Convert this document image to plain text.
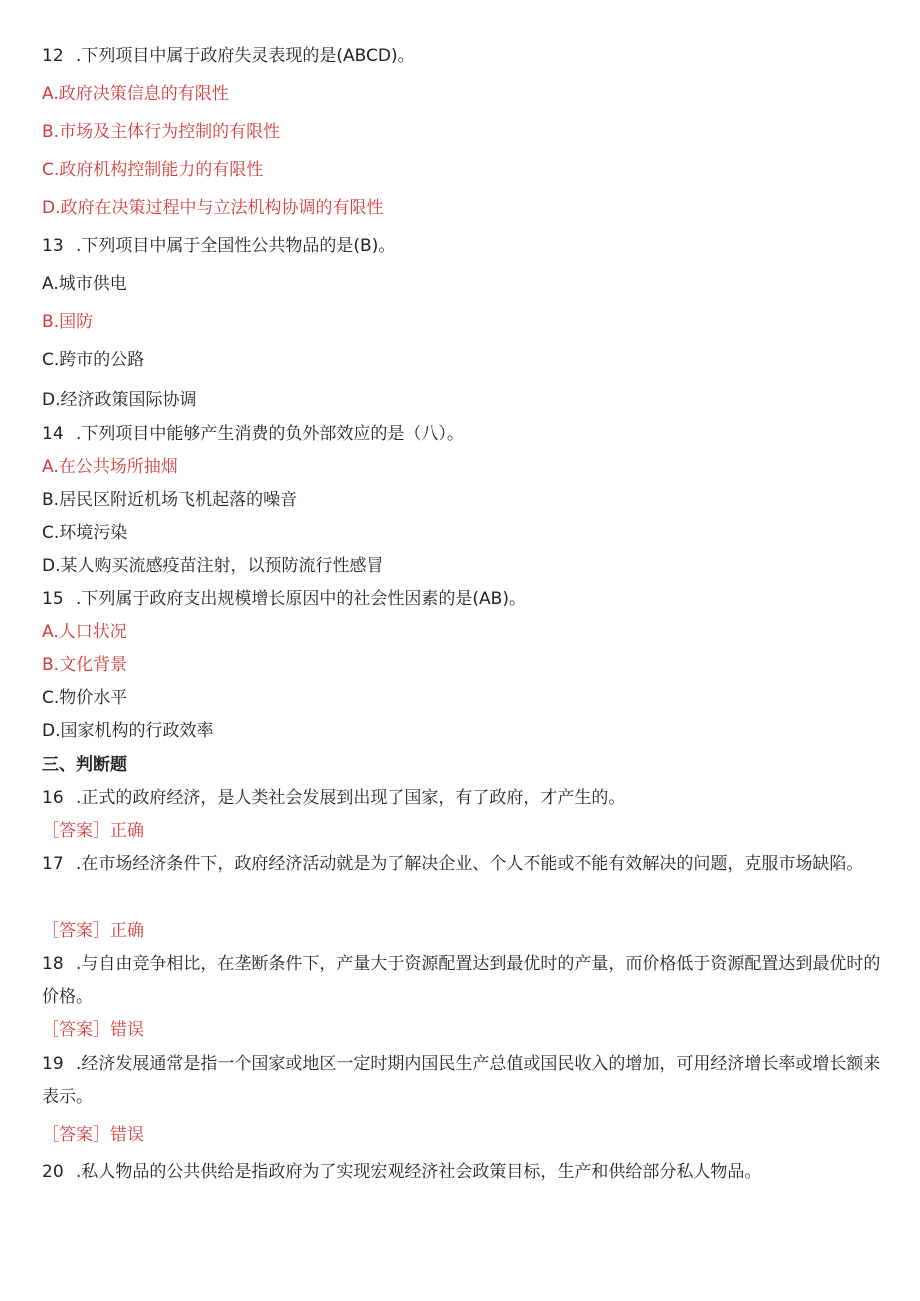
12 .下列项目中属于政府失灵表现的是(ABCD)。
A.政府决策信息的有限性
B.市场及主体行为控制的有限性
C.政府机构控制能力的有限性
D.政府在决策过程中与立法机构协调的有限性
13 .下列项目中属于全国性公共物品的是(B)。
A.城市供电
B.国防
C.跨市的公路
D.经济政策国际协调
14 .下列项目中能够产生消费的负外部效应的是（八）。
A.在公共场所抽烟
B.居民区附近机场飞机起落的噪音
C.环境污染
D.某人购买流感疫苗注射，以预防流行性感冒
15 .下列属于政府支出规模增长原因中的社会性因素的是(AB)。
A.人口状况
B.文化背景
C.物价水平
D.国家机构的行政效率
三、判断题
16 .正式的政府经济，是人类社会发展到出现了国家，有了政府，才产生的。
［答案］正确
17 .在市场经济条件下，政府经济活动就是为了解决企业、个人不能或不能有效解决的问题，克服市场缺陷。
［答案］正确
18 .与自由竞争相比，在垄断条件下，产量大于资源配置达到最优时的产量，而价格低于资源配置达到最优时的价格。
［答案］错误
19 .经济发展通常是指一个国家或地区一定时期内国民生产总值或国民收入的增加，可用经济增长率或增长额来表示。
［答案］错误
20 .私人物品的公共供给是指政府为了实现宏观经济社会政策目标，生产和供给部分私人物品。
